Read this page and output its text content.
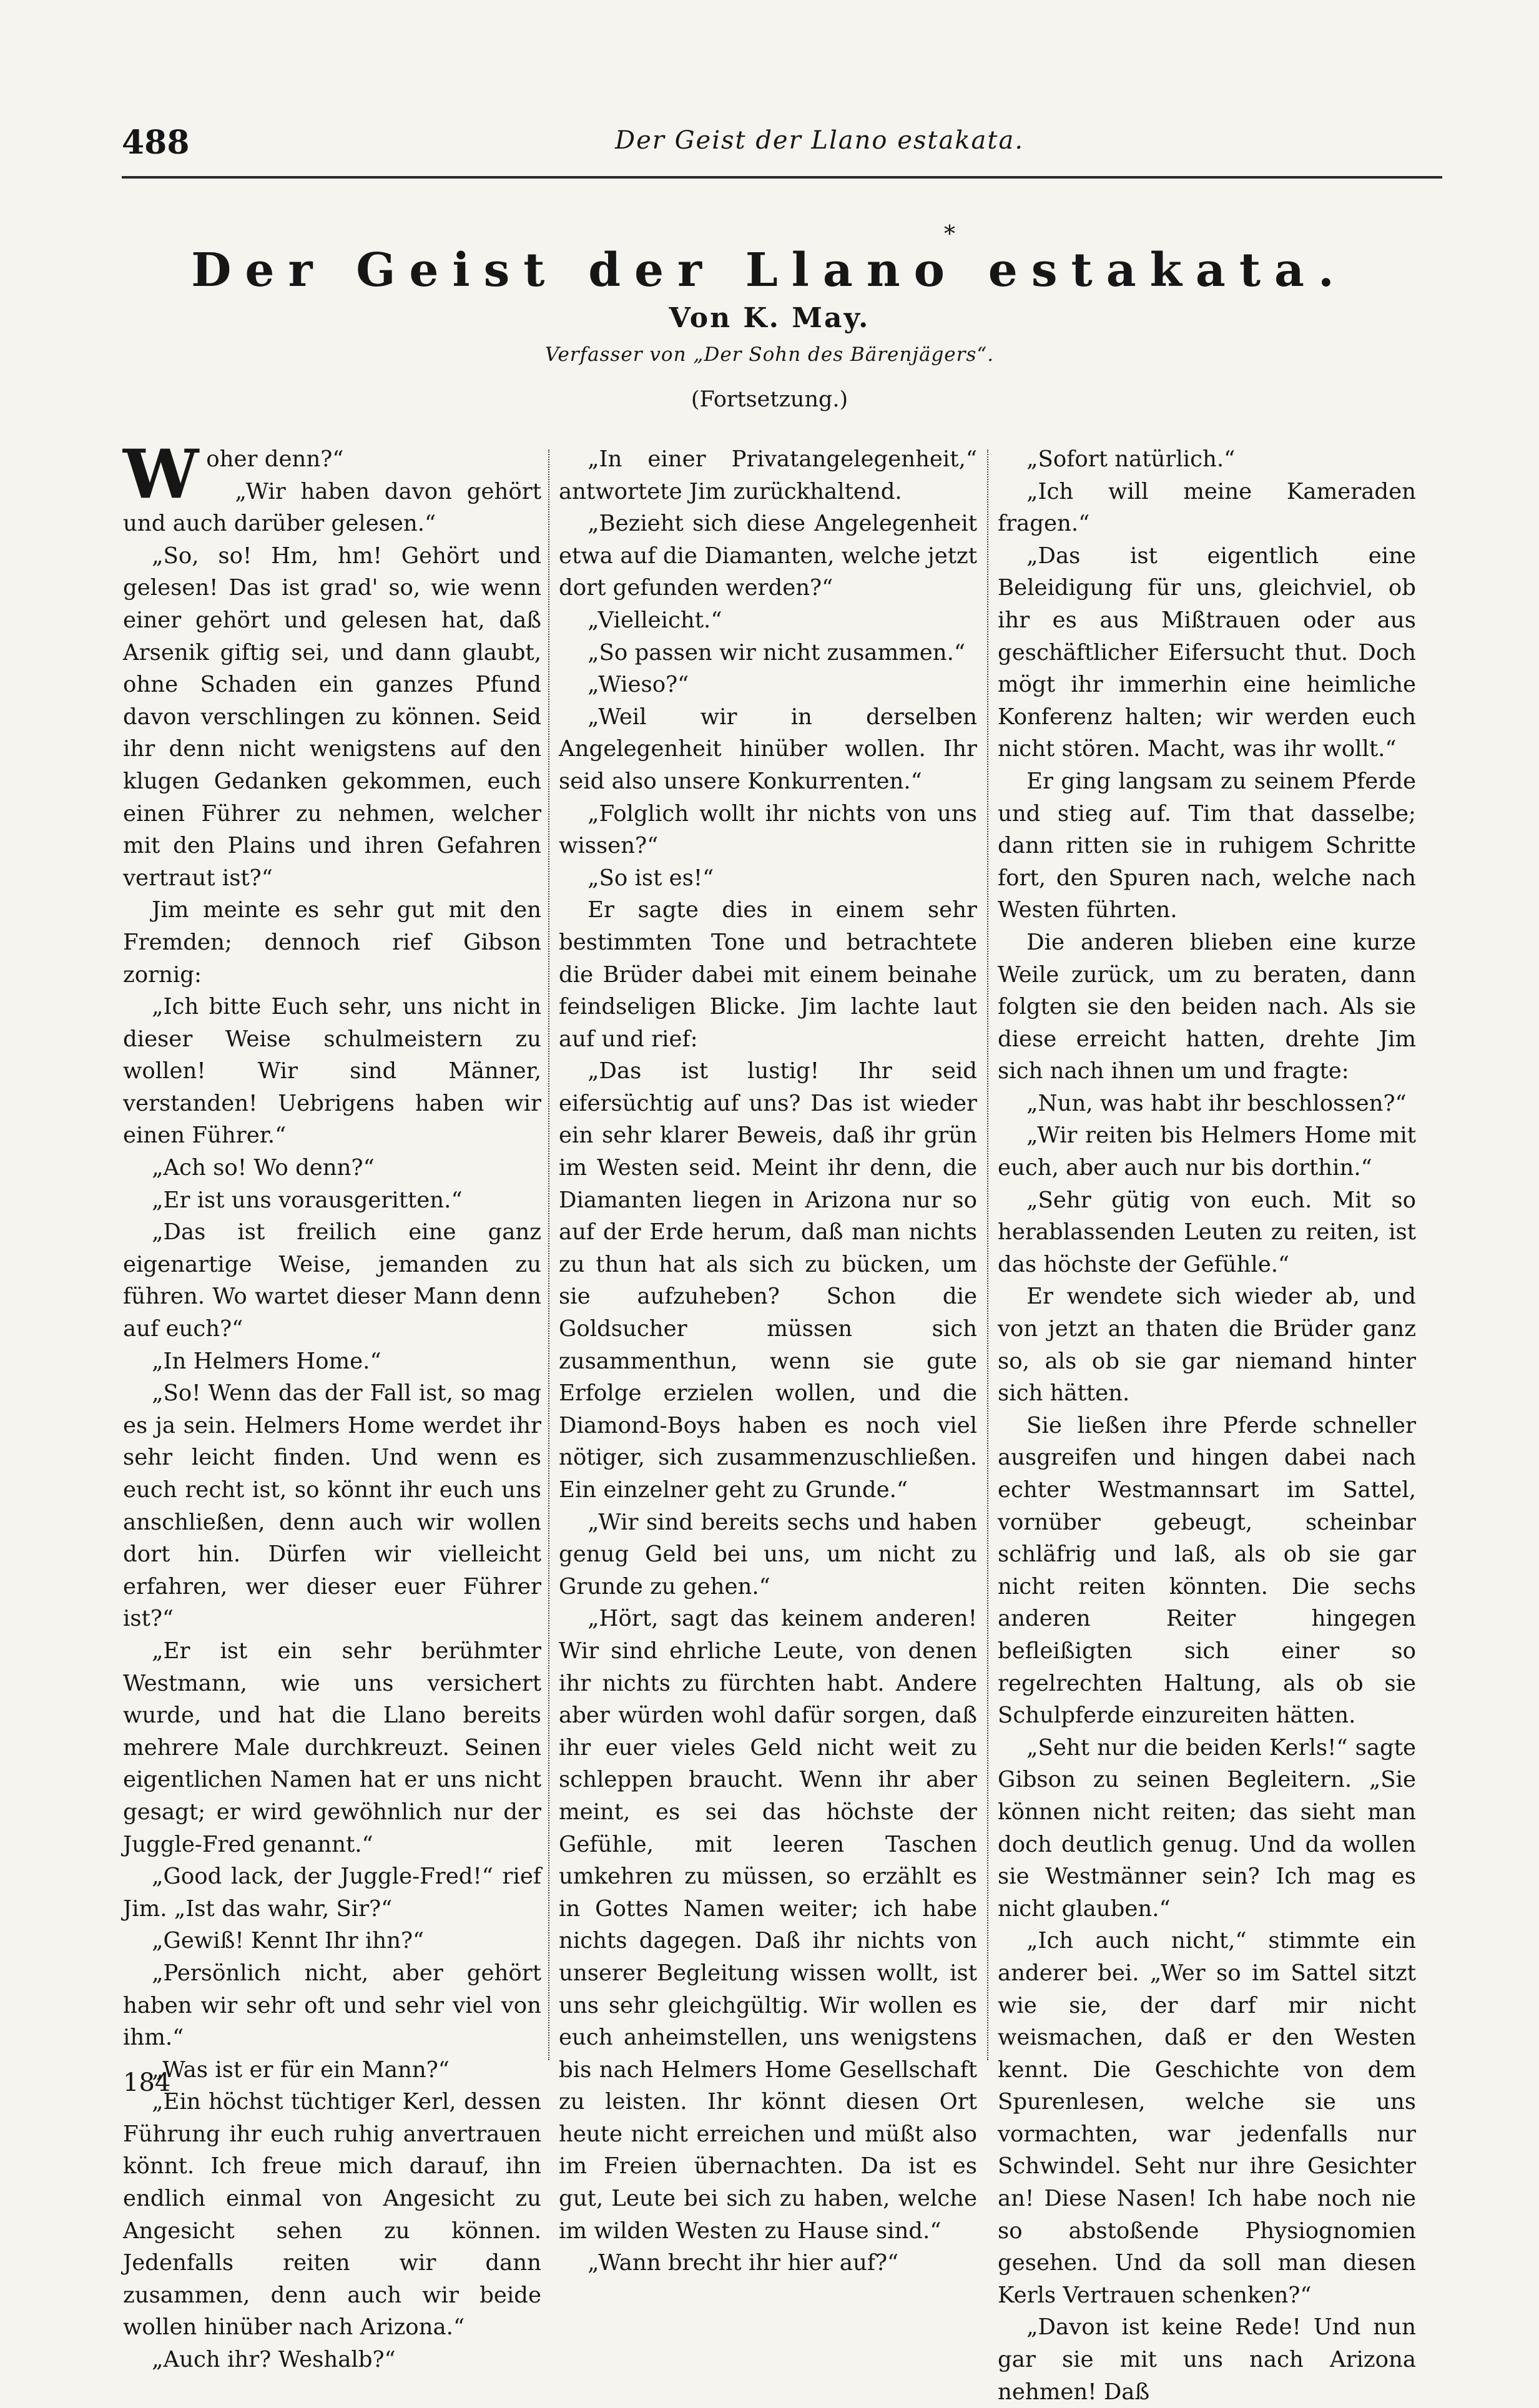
488	Der Geist der Llano estakata.
Der Geist der Llano estakata.
*
Von K. May.
Verfasser von „Der Sohn des Bärenjägers“.
(Fortsetzung.)
W oher denn?“

„Wir haben davon gehört und auch darüber gelesen.“

„So, so! Hm, hm! Gehört und gelesen! Das ist grad' so, wie wenn einer gehört und gelesen hat, daß Arsenik giftig sei, und dann glaubt, ohne Schaden ein ganzes Pfund davon verschlingen zu können. Seid ihr denn nicht wenigstens auf den klugen Gedanken gekommen, euch einen Führer zu nehmen, welcher mit den Plains und ihren Gefahren vertraut ist?“

Jim meinte es sehr gut mit den Fremden; dennoch rief Gibson zornig:

„Ich bitte Euch sehr, uns nicht in dieser Weise schulmeistern zu wollen! Wir sind Männer, verstanden! Uebrigens haben wir einen Führer.“

„Ach so! Wo denn?“

„Er ist uns vorausgeritten.“

„Das ist freilich eine ganz eigenartige Weise, jemanden zu führen. Wo wartet dieser Mann denn auf euch?“

„In Helmers Home.“

„So! Wenn das der Fall ist, so mag es ja sein. Helmers Home werdet ihr sehr leicht finden. Und wenn es euch recht ist, so könnt ihr euch uns anschließen, denn auch wir wollen dort hin. Dürfen wir vielleicht erfahren, wer dieser euer Führer ist?“

„Er ist ein sehr berühmter Westmann, wie uns versichert wurde, und hat die Llano bereits mehrere Male durchkreuzt. Seinen eigentlichen Namen hat er uns nicht gesagt; er wird gewöhnlich nur der Juggle-Fred genannt.“

„Good lack, der Juggle-Fred!“ rief Jim. „Ist das wahr, Sir?“

„Gewiß! Kennt Ihr ihn?“

„Persönlich nicht, aber gehört haben wir sehr oft und sehr viel von ihm.“

„Was ist er für ein Mann?“

„Ein höchst tüchtiger Kerl, dessen Führung ihr euch ruhig anvertrauen könnt. Ich freue mich darauf, ihn endlich einmal von Angesicht zu Angesicht sehen zu können. Jedenfalls reiten wir dann zusammen, denn auch wir beide wollen hinüber nach Arizona.“

„Auch ihr? Weshalb?“

„In einer Privatangelegenheit,“ antwortete Jim zurückhaltend.

„Bezieht sich diese Angelegenheit etwa auf die Diamanten, welche jetzt dort gefunden werden?“

„Vielleicht.“

„So passen wir nicht zusammen.“

„Wieso?“

„Weil wir in derselben Angelegenheit hinüber wollen. Ihr seid also unsere Konkurrenten.“

„Folglich wollt ihr nichts von uns wissen?“

„So ist es!“

Er sagte dies in einem sehr bestimmten Tone und betrachtete die Brüder dabei mit einem beinahe feindseligen Blicke. Jim lachte laut auf und rief:

„Das ist lustig! Ihr seid eifersüchtig auf uns? Das ist wieder ein sehr klarer Beweis, daß ihr grün im Westen seid. Meint ihr denn, die Diamanten liegen in Arizona nur so auf der Erde herum, daß man nichts zu thun hat als sich zu bücken, um sie aufzuheben? Schon die Goldsucher müssen sich zusammenthun, wenn sie gute Erfolge erzielen wollen, und die Diamond-Boys haben es noch viel nötiger, sich zusammenzuschließen. Ein einzelner geht zu Grunde.“

„Wir sind bereits sechs und haben genug Geld bei uns, um nicht zu Grunde zu gehen.“

„Hört, sagt das keinem anderen! Wir sind ehrliche Leute, von denen ihr nichts zu fürchten habt. Andere aber würden wohl dafür sorgen, daß ihr euer vieles Geld nicht weit zu schleppen braucht. Wenn ihr aber meint, es sei das höchste der Gefühle, mit leeren Taschen umkehren zu müssen, so erzählt es in Gottes Namen weiter; ich habe nichts dagegen. Daß ihr nichts von unserer Begleitung wissen wollt, ist uns sehr gleichgültig. Wir wollen es euch anheimstellen, uns wenigstens bis nach Helmers Home Gesellschaft zu leisten. Ihr könnt diesen Ort heute nicht erreichen und müßt also im Freien übernachten. Da ist es gut, Leute bei sich zu haben, welche im wilden Westen zu Hause sind.“

„Wann brecht ihr hier auf?“

„Sofort natürlich.“

„Ich will meine Kameraden fragen.“

„Das ist eigentlich eine Beleidigung für uns, gleichviel, ob ihr es aus Mißtrauen oder aus geschäftlicher Eifersucht thut. Doch mögt ihr immerhin eine heimliche Konferenz halten; wir werden euch nicht stören. Macht, was ihr wollt.“

Er ging langsam zu seinem Pferde und stieg auf. Tim that dasselbe; dann ritten sie in ruhigem Schritte fort, den Spuren nach, welche nach Westen führten.

Die anderen blieben eine kurze Weile zurück, um zu beraten, dann folgten sie den beiden nach. Als sie diese erreicht hatten, drehte Jim sich nach ihnen um und fragte:

„Nun, was habt ihr beschlossen?“

„Wir reiten bis Helmers Home mit euch, aber auch nur bis dorthin.“

„Sehr gütig von euch. Mit so herablassenden Leuten zu reiten, ist das höchste der Gefühle.“

Er wendete sich wieder ab, und von jetzt an thaten die Brüder ganz so, als ob sie gar niemand hinter sich hätten.

Sie ließen ihre Pferde schneller ausgreifen und hingen dabei nach echter Westmannsart im Sattel, vornüber gebeugt, scheinbar schläfrig und laß, als ob sie gar nicht reiten könnten. Die sechs anderen Reiter hingegen befleißigten sich einer so regelrechten Haltung, als ob sie Schulpferde einzureiten hätten.

„Seht nur die beiden Kerls!“ sagte Gibson zu seinen Begleitern. „Sie können nicht reiten; das sieht man doch deutlich genug. Und da wollen sie Westmänner sein? Ich mag es nicht glauben.“

„Ich auch nicht,“ stimmte ein anderer bei. „Wer so im Sattel sitzt wie sie, der darf mir nicht weismachen, daß er den Westen kennt. Die Geschichte von dem Spurenlesen, welche sie uns vormachten, war jedenfalls nur Schwindel. Seht nur ihre Gesichter an! Diese Nasen! Ich habe noch nie so abstoßende Physiognomien gesehen. Und da soll man diesen Kerls Vertrauen schenken?“

„Davon ist keine Rede! Und nun gar sie mit uns nach Arizona nehmen! Daß

184
